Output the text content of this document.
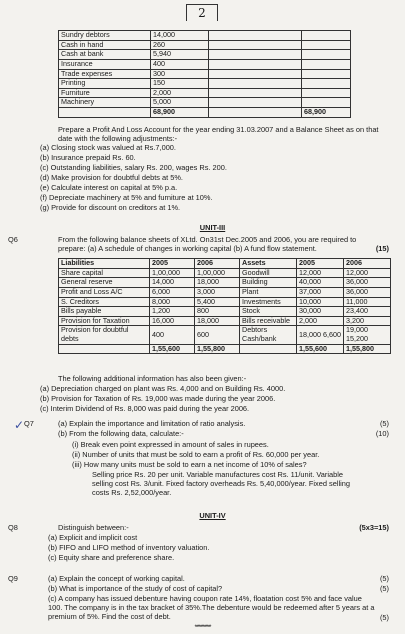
2
Sundry debtors	14,000		
Cash in hand	260		
Cash at bank	5,940		
Insurance	400		
Trade expenses	300		
Printing	150		
Furniture	2,000		
Machinery	5,000		
	68,900		68,900
Prepare a Profit And Loss Account for the year ending 31.03.2007 and a Balance Sheet as on that date with the following adjustments:-
(a) Closing stock was valued at Rs.7,000.
(b) Insurance prepaid Rs. 60.
(c) Outstanding liabilities, salary Rs. 200, wages Rs. 200.
(d) Make provision for doubtful debts at 5%.
(e) Calculate interest on capital at 5% p.a.
(f) Depreciate machinery at 5% and furniture at 10%.
(g) Provide for discount on creditors at 1%.
UNIT-III
Q6	From the following balance sheets of XLtd. On31st Dec.2005 and 2006, you are required to prepare: (a) A schedule of changes in working capital (b) A fund flow statement.	(15)
Liabilities	2005	2006	Assets	2005	2006
Share capital	1,00,000	1,00,000	Goodwill	12,000	12,000
General reserve	14,000	18,000	Building	40,000	36,000
Profit and Loss A/C	6,000	3,000	Plant	37,000	36,000
S. Creditors	8,000	5,400	Investments	10,000	11,000
Bills payable	1,200	800	Stock	30,000	23,400
Provision for Taxation	16,000	18,000	Bills receivable	2,000	3,200
Provision for doubtful debts	400	600	Debtors Cash/bank	18,000 6,600	19,000 15,200
	1,55,600	1,55,800		1,55,600	1,55,800
The following additional information has also been given:-
(a) Depreciation charged on plant was Rs. 4,000 and on Building Rs. 4000.
(b) Provision for Taxation of Rs. 19,000 was made during the year 2006.
(c) Interim Dividend of Rs. 8,000 was paid during the year 2006.
✓ Q7	(a) Explain the importance and limitation of ratio analysis.	(5)
(b) From the following data, calculate:-	(10)
(i) Break even point expressed in amount of sales in rupees.
(ii) Number of units that must be sold to earn a profit of Rs. 60,000 per year.
(iii) How many units must be sold to earn a net income of 10% of sales?
Selling price Rs. 20 per unit. Variable manufactures cost Rs. 11/unit. Variable selling cost Rs. 3/unit. Fixed factory overheads Rs. 5,40,000/year. Fixed selling costs Rs. 2,52,000/year.
UNIT-IV
Q8	Distinguish between:-	(5x3=15)
(a) Explicit and implicit cost
(b) FIFO and LIFO method of inventory valuation.
(c) Equity share and preference share.
Q9	(a) Explain the concept of working capital.	(5)
(b) What is importance of the study of cost of capital?	(5)
(c) A company has issued debenture having coupon rate 14%, floatation cost 5% and face value 100. The company is in the tax bracket of 35%.The debenture would be redeemed after 5 years at a premium of 5%. Find the cost of debt.	(5)
************
